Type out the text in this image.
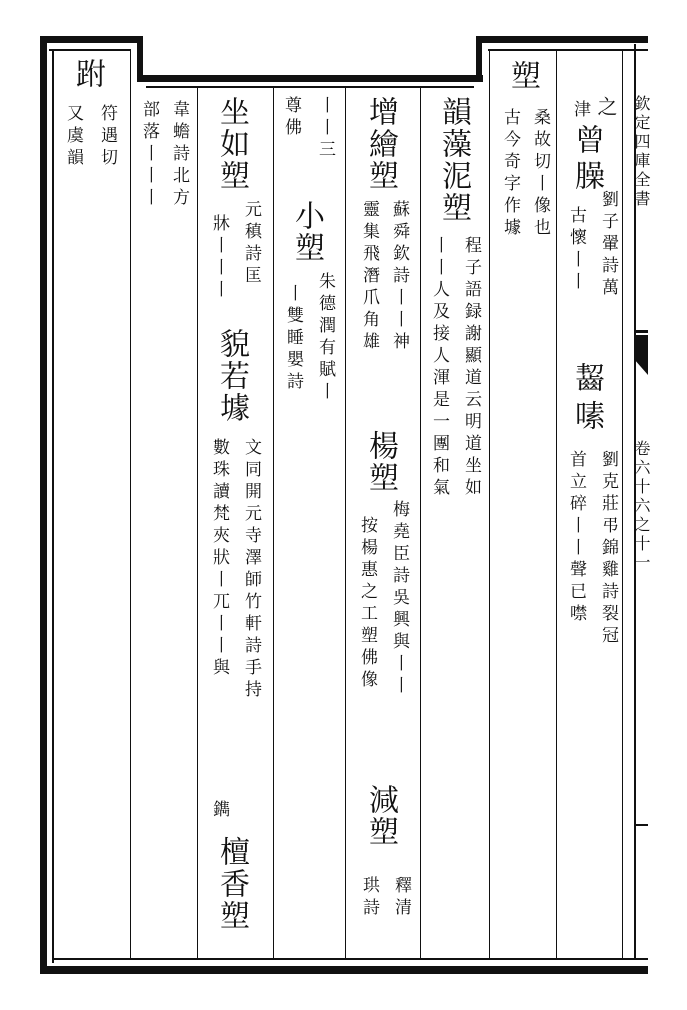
欽定四庫全書
卷六十六之十一
之
津
曾
劉子翬詩萬
臊
古懷丨丨
齧
嗉
劉克莊弔錦雞詩裂冠
首立碎丨丨聲已噤
塑
桑故切丨像也
古今奇字作壉
韻藻泥塑
程子語録謝顯道云明道坐如
丨丨人及接人渾是一團和氣
增繪塑
蘇舜欽詩丨丨神
靈集飛潛爪角雄
楊塑
梅堯臣詩吳興與丨丨
按楊惠之工塑佛像
減塑
釋清
珙詩
丨丨三
尊佛
小塑
朱德潤有賦丨
丨雙睡嬰詩
坐如塑
元稹詩匡
牀丨丨丨
貌若壉
文同開元寺澤師竹軒詩手持
數珠讀梵夾狀丨兀丨丨與
鐫
檀香塑
韋蟾詩北方
部落丨丨丨
跗
符遇切
又虞韻
